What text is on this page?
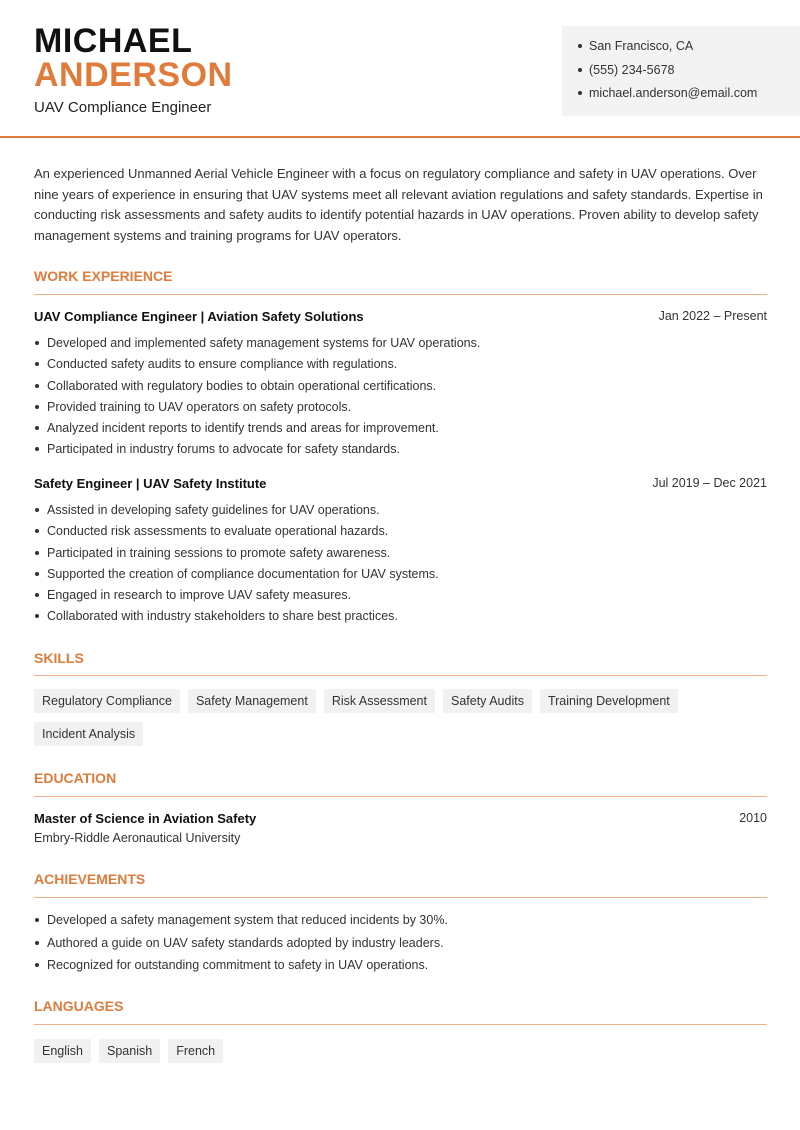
MICHAEL
ANDERSON
UAV Compliance Engineer
San Francisco, CA
(555) 234-5678
michael.anderson@email.com
An experienced Unmanned Aerial Vehicle Engineer with a focus on regulatory compliance and safety in UAV operations. Over nine years of experience in ensuring that UAV systems meet all relevant aviation regulations and safety standards. Expertise in conducting risk assessments and safety audits to identify potential hazards in UAV operations. Proven ability to develop safety management systems and training programs for UAV operators.
WORK EXPERIENCE
UAV Compliance Engineer | Aviation Safety Solutions	Jan 2022 – Present
Developed and implemented safety management systems for UAV operations.
Conducted safety audits to ensure compliance with regulations.
Collaborated with regulatory bodies to obtain operational certifications.
Provided training to UAV operators on safety protocols.
Analyzed incident reports to identify trends and areas for improvement.
Participated in industry forums to advocate for safety standards.
Safety Engineer | UAV Safety Institute	Jul 2019 – Dec 2021
Assisted in developing safety guidelines for UAV operations.
Conducted risk assessments to evaluate operational hazards.
Participated in training sessions to promote safety awareness.
Supported the creation of compliance documentation for UAV systems.
Engaged in research to improve UAV safety measures.
Collaborated with industry stakeholders to share best practices.
SKILLS
Regulatory Compliance	Safety Management	Risk Assessment	Safety Audits	Training Development
Incident Analysis
EDUCATION
Master of Science in Aviation Safety	2010
Embry-Riddle Aeronautical University
ACHIEVEMENTS
Developed a safety management system that reduced incidents by 30%.
Authored a guide on UAV safety standards adopted by industry leaders.
Recognized for outstanding commitment to safety in UAV operations.
LANGUAGES
English	Spanish	French
